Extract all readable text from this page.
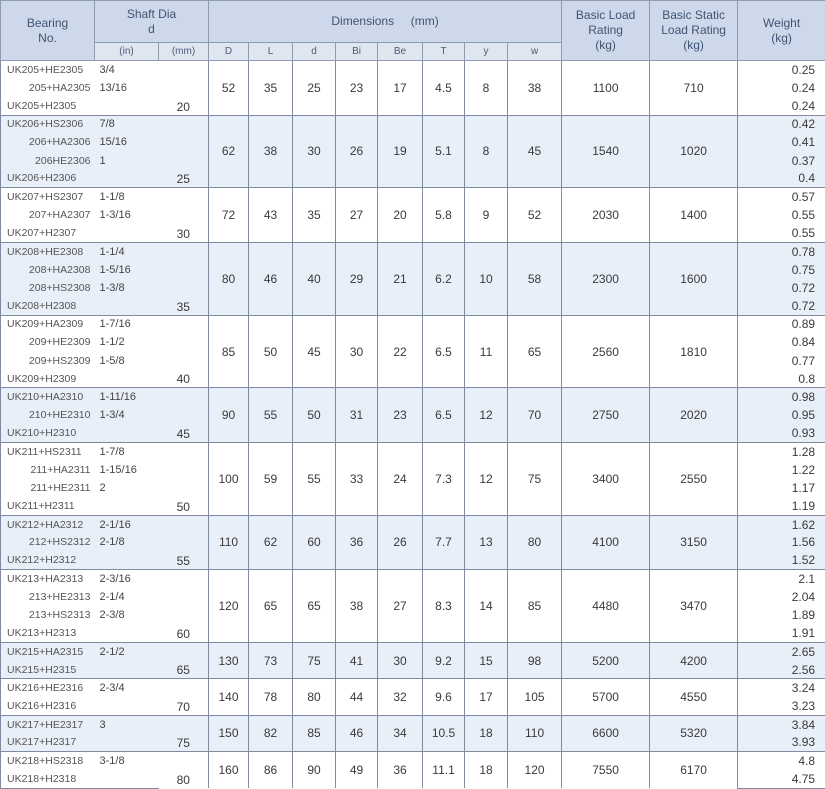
Bearing
No.	Shaft Dia
d		Dimensions     (mm)								Basic Load
Rating
(kg)	Basic Static
Load Rating
(kg)	Weight
(kg)
	(in)	(mm)	D	L	d	Bi	Be	T	y	w			
UK205+HE2305	3/4	20	52	35	25	23	17	4.5	8	38	1100	710	0.25
205+HA2305	13/16												0.24
UK205+H2305													0.24
UK206+HS2306	7/8	25	62	38	30	26	19	5.1	8	45	1540	1020	0.42
206+HA2306	15/16												0.41
206HE2306	1												0.37
UK206+H2306													0.4
UK207+HS2307	1-1/8	30	72	43	35	27	20	5.8	9	52	2030	1400	0.57
207+HA2307	1-3/16												0.55
UK207+H2307													0.55
UK208+HE2308	1-1/4	35	80	46	40	29	21	6.2	10	58	2300	1600	0.78
208+HA2308	1-5/16												0.75
208+HS2308	1-3/8												0.72
UK208+H2308													0.72
UK209+HA2309	1-7/16	40	85	50	45	30	22	6.5	11	65	2560	1810	0.89
209+HE2309	1-1/2												0.84
209+HS2309	1-5/8												0.77
UK209+H2309													0.8
UK210+HA2310	1-11/16	45	90	55	50	31	23	6.5	12	70	2750	2020	0.98
210+HE2310	1-3/4												0.95
UK210+H2310													0.93
UK211+HS2311	1-7/8	50	100	59	55	33	24	7.3	12	75	3400	2550	1.28
211+HA2311	1-15/16												1.22
211+HE2311	2												1.17
UK211+H2311													1.19
UK212+HA2312	2-1/16	55	110	62	60	36	26	7.7	13	80	4100	3150	1.62
212+HS2312	2-1/8												1.56
UK212+H2312													1.52
UK213+HA2313	2-3/16	60	120	65	65	38	27	8.3	14	85	4480	3470	2.1
213+HE2313	2-1/4												2.04
213+HS2313	2-3/8												1.89
UK213+H2313													1.91
UK215+HA2315	2-1/2	65	130	73	75	41	30	9.2	15	98	5200	4200	2.65
UK215+H2315													2.56
UK216+HE2316	2-3/4	70	140	78	80	44	32	9.6	17	105	5700	4550	3.24
UK216+H2316													3.23
UK217+HE2317	3	75	150	82	85	46	34	10.5	18	110	6600	5320	3.84
UK217+H2317													3.93
UK218+HS2318	3-1/8	80	160	86	90	49	36	11.1	18	120	7550	6170	4.8
UK218+H2318													4.75
